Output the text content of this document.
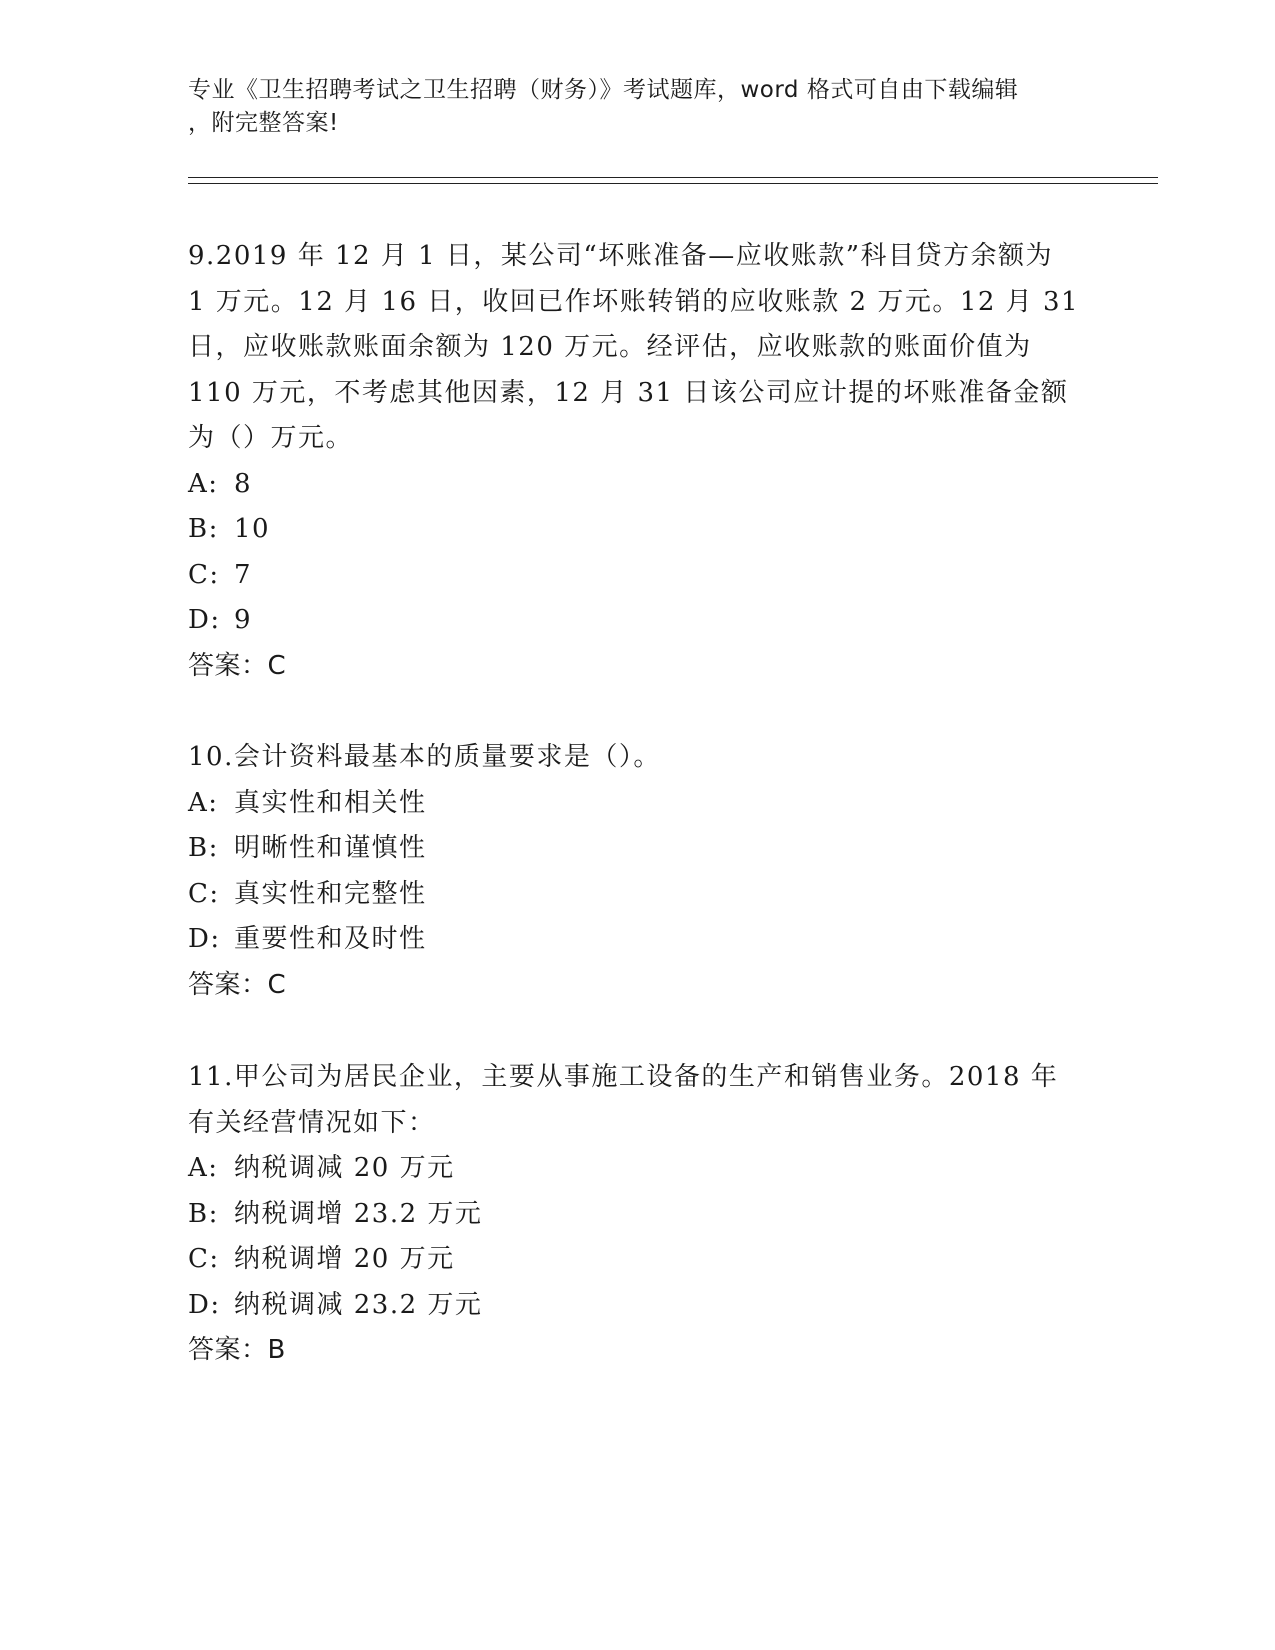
专业《卫生招聘考试之卫生招聘（财务）》考试题库，word 格式可自由下载编辑
，附完整答案!
9.2019 年 12 月 1 日，某公司“坏账准备—应收账款”科目贷方余额为
1 万元。12 月 16 日，收回已作坏账转销的应收账款 2 万元。12 月 31
日，应收账款账面余额为 120 万元。经评估，应收账款的账面价值为
110 万元，不考虑其他因素，12 月 31 日该公司应计提的坏账准备金额
为（）万元。
A: 8
B: 10
C: 7
D: 9
答案：C
10.会计资料最基本的质量要求是（）。
A: 真实性和相关性
B: 明晰性和谨慎性
C: 真实性和完整性
D: 重要性和及时性
答案：C
11.甲公司为居民企业，主要从事施工设备的生产和销售业务。2018 年
有关经营情况如下：
A: 纳税调减 20 万元
B: 纳税调增 23.2 万元
C: 纳税调增 20 万元
D: 纳税调减 23.2 万元
答案：B
